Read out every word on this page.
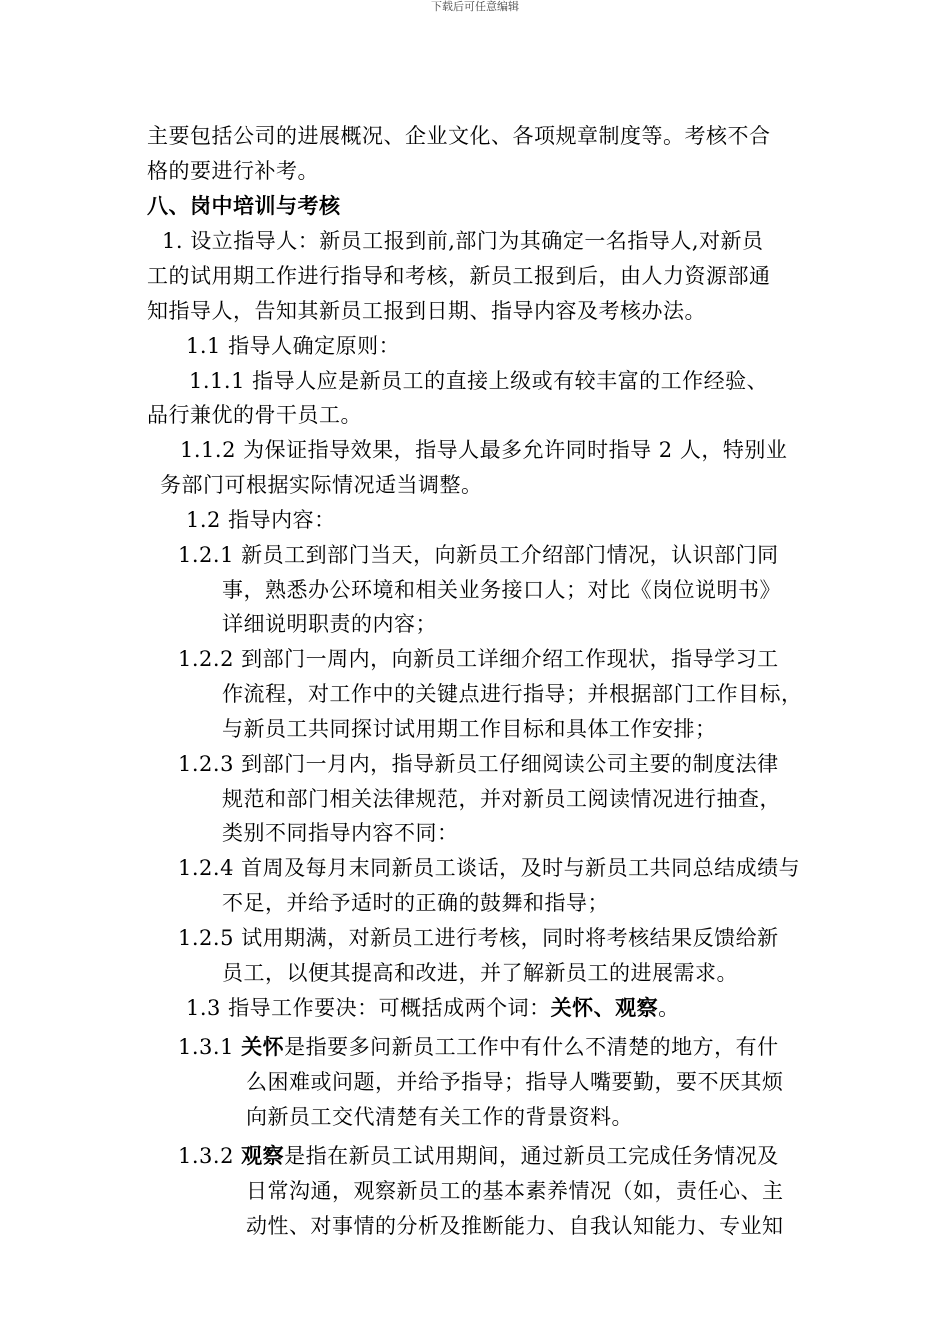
下载后可任意编辑
主要包括公司的进展概况、企业文化、各项规章制度等。考核不合
格的要进行补考。
八、岗中培训与考核
1. 设立指导人：新员工报到前,部门为其确定一名指导人,对新员
工的试用期工作进行指导和考核，新员工报到后，由人力资源部通
知指导人，告知其新员工报到日期、指导内容及考核办法。
1.1 指导人确定原则：
1.1.1 指导人应是新员工的直接上级或有较丰富的工作经验、
品行兼优的骨干员工。
1.1.2 为保证指导效果，指导人最多允许同时指导 2 人，特别业
务部门可根据实际情况适当调整。
1.2 指导内容：
1.2.1 新员工到部门当天，向新员工介绍部门情况，认识部门同
事，熟悉办公环境和相关业务接口人；对比《岗位说明书》
详细说明职责的内容；
1.2.2 到部门一周内，向新员工详细介绍工作现状，指导学习工
作流程，对工作中的关键点进行指导；并根据部门工作目标，
与新员工共同探讨试用期工作目标和具体工作安排；
1.2.3 到部门一月内，指导新员工仔细阅读公司主要的制度法律
规范和部门相关法律规范，并对新员工阅读情况进行抽查，
类别不同指导内容不同：
1.2.4 首周及每月末同新员工谈话，及时与新员工共同总结成绩与
不足，并给予适时的正确的鼓舞和指导；
1.2.5 试用期满，对新员工进行考核，同时将考核结果反馈给新
员工，以便其提高和改进，并了解新员工的进展需求。
1.3 指导工作要决：可概括成两个词：关怀、观察。
1.3.1 关怀是指要多问新员工工作中有什么不清楚的地方，有什
么困难或问题，并给予指导；指导人嘴要勤，要不厌其烦
向新员工交代清楚有关工作的背景资料。
1.3.2 观察是指在新员工试用期间，通过新员工完成任务情况及
日常沟通，观察新员工的基本素养情况（如，责任心、主
动性、对事情的分析及推断能力、自我认知能力、专业知
